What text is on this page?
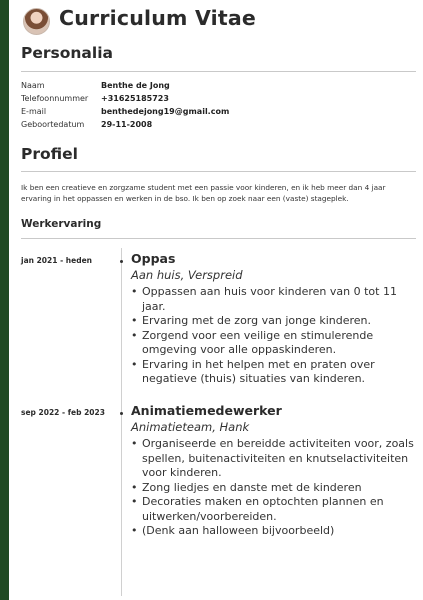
Curriculum Vitae
Personalia
Naam	Benthe de Jong
Telefoonnummer +31625185723
E-mail	benthedejong19@gmail.com
Geboortedatum 29-11-2008
Profiel

Ik ben een creatieve en zorgzame student met een passie voor kinderen, en ik heb meer dan 4 jaar ervaring in het oppassen en werken in de bso. Ik ben op zoek naar een (vaste) stageplek.

Werkervaring
jan 2021 - heden	Oppas

Aan huis, Verspreid

• Oppassen aan huis voor kinderen van 0 tot 11 jaar.
• Ervaring met de zorg van jonge kinderen.
• Zorgend voor een veilige en stimulerende omgeving voor alle oppaskinderen.
• Ervaring in het helpen met en praten over negatieve (thuis) situaties van kinderen.
sep 2022 - feb 2023 Animatiemedewerker

Animatieteam, Hank

• Organiseerde en bereidde activiteiten voor, zoals spellen, buitenactiviteiten en knutselactiviteiten voor kinderen.
• Zong liedjes en danste met de kinderen
• Decoraties maken en optochten plannen en uitwerken/voorbereiden.
• (Denk aan halloween bijvoorbeeld)
